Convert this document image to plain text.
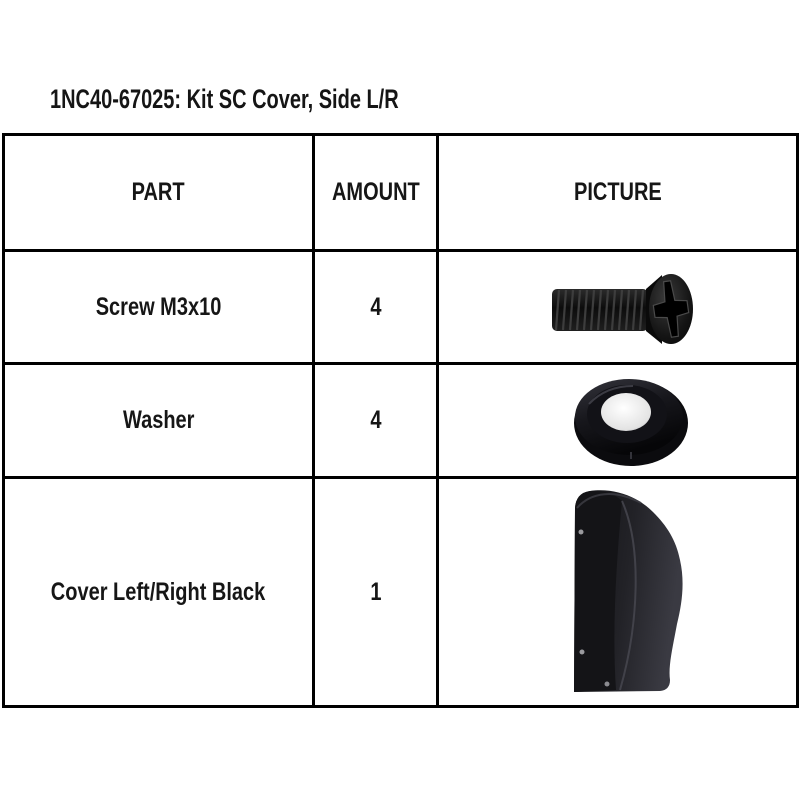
1NC40-67025: Kit SC Cover, Side L/R
PART	AMOUNT	PICTURE
Screw M3x10	4	

Washer	4	

Cover Left/Right Black	1	
